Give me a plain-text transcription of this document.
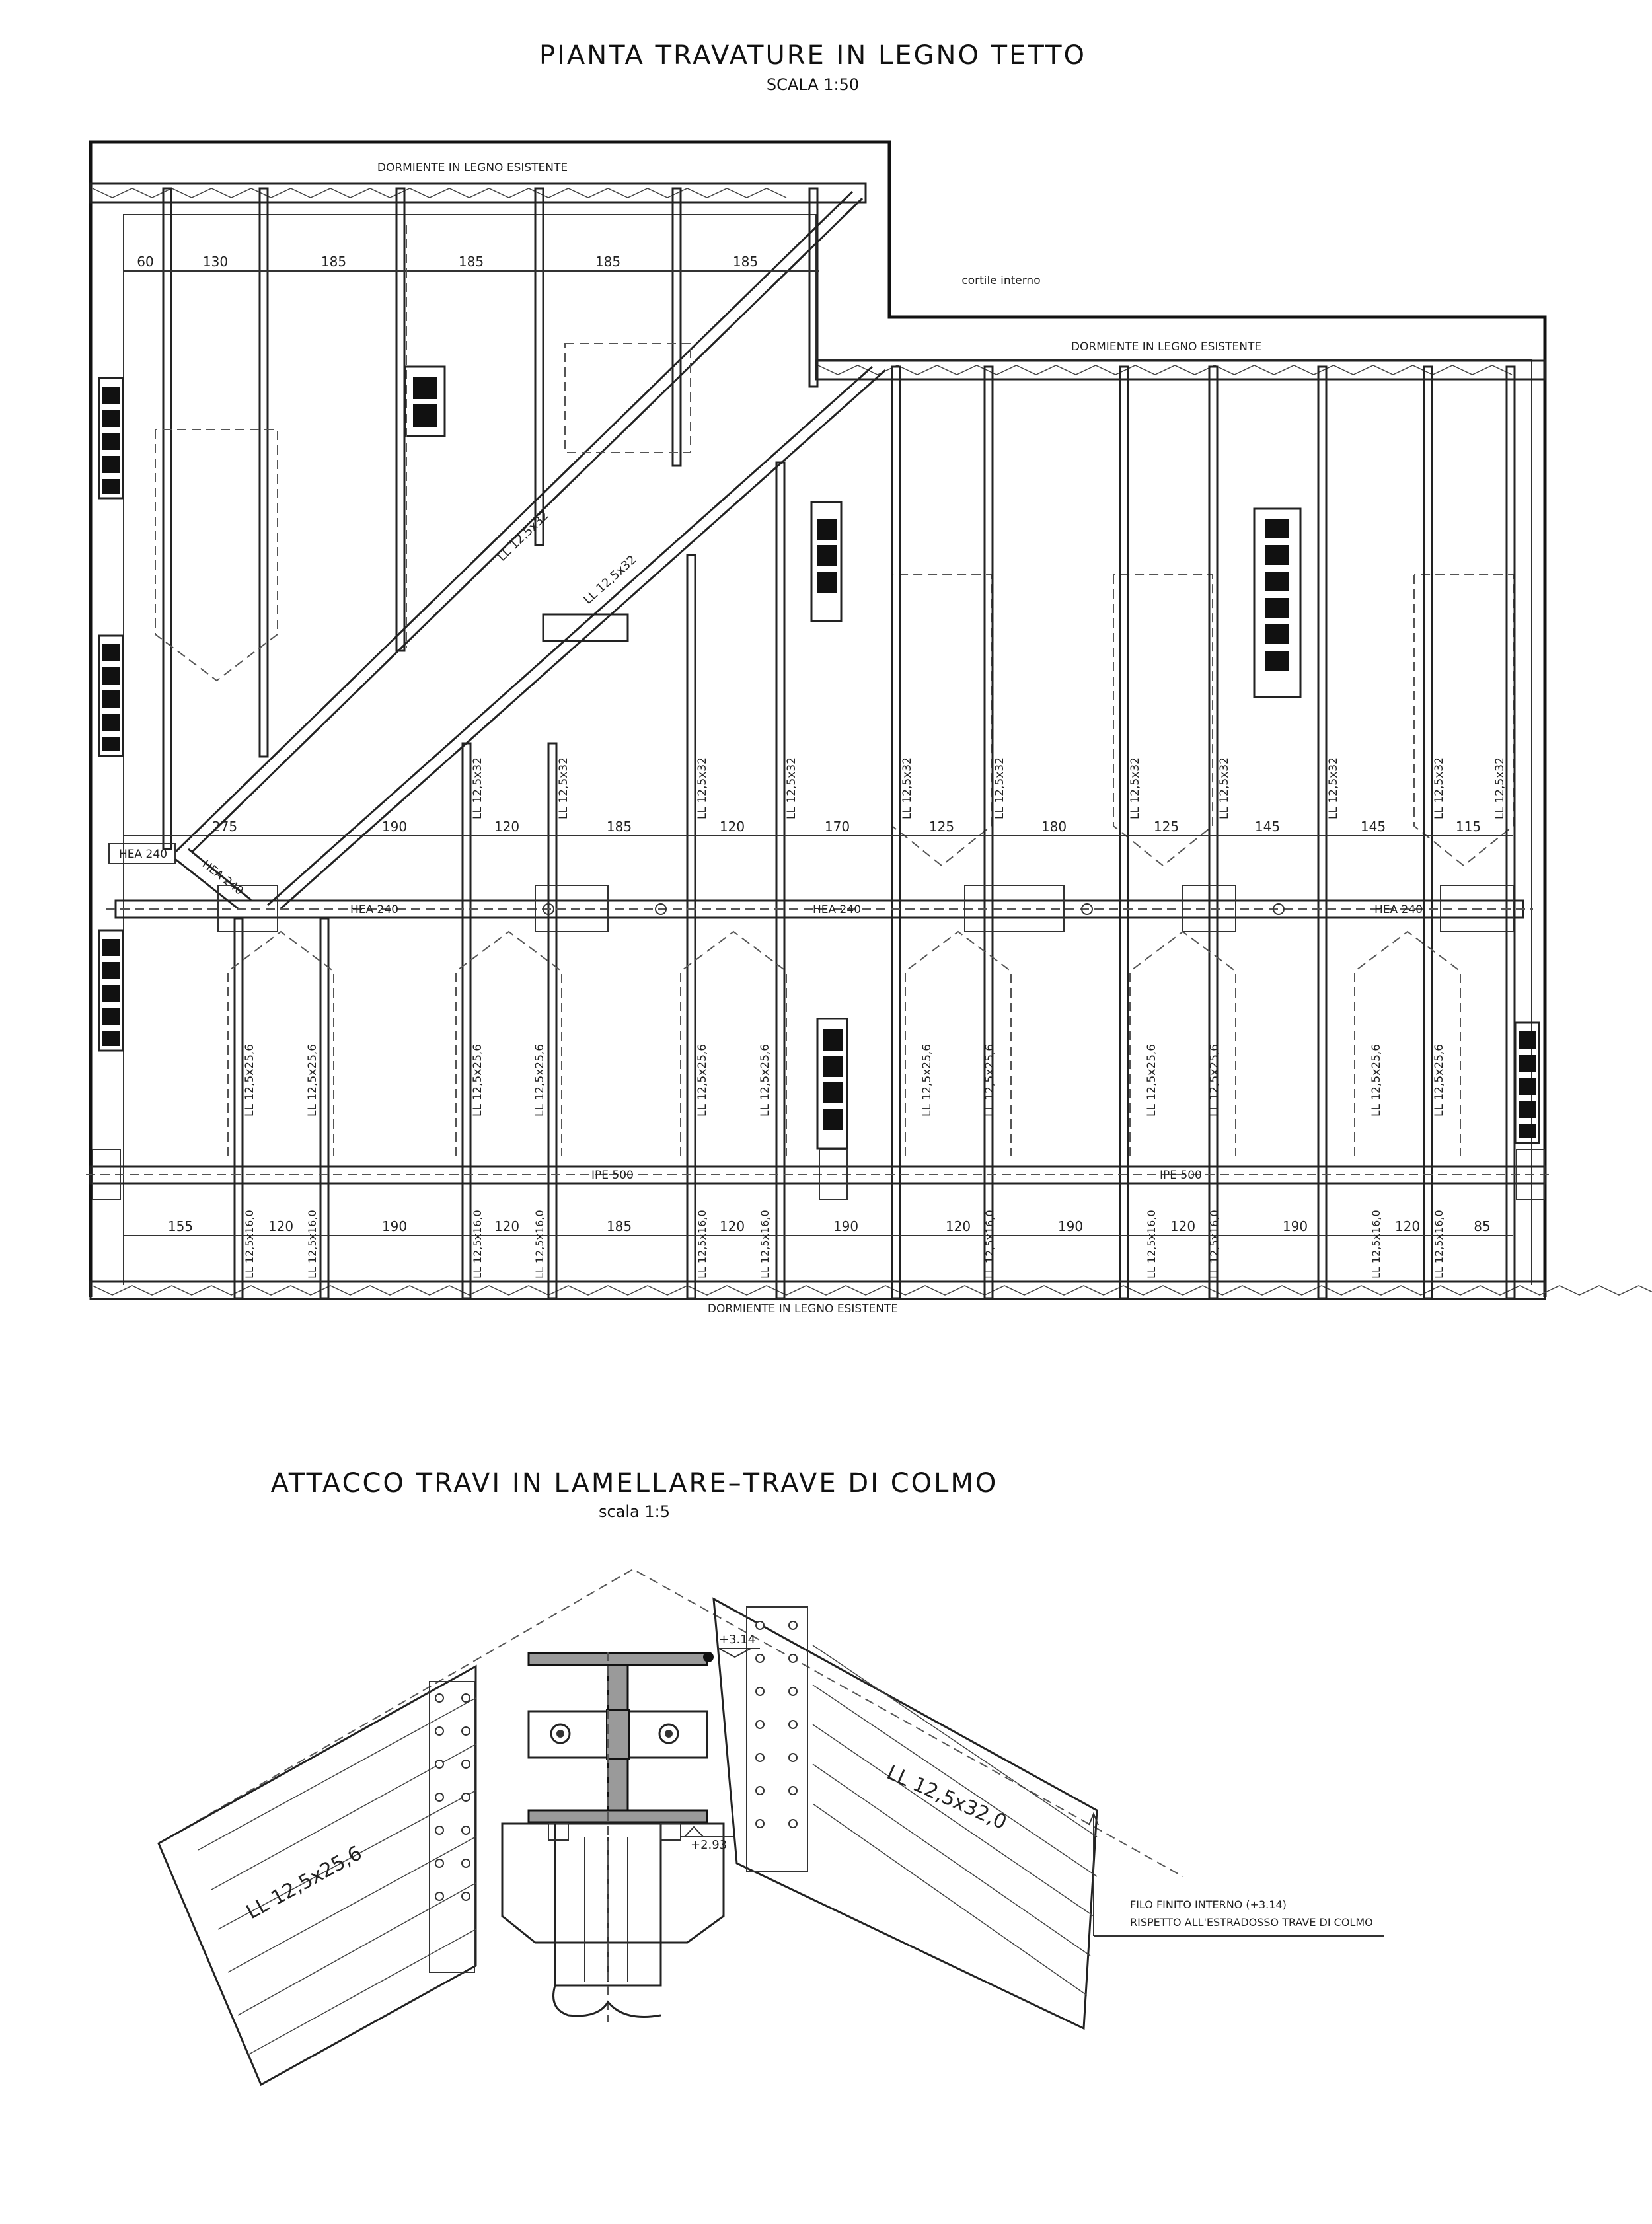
PIANTA TRAVATURE IN LEGNO TETTO
SCALA 1:50
DORMIENTE IN LEGNO ESISTENTE
DORMIENTE IN LEGNO ESISTENTE
DORMIENTE IN LEGNO ESISTENTE
cortile interno
LL 12,5x32
LL 12,5x32
60	130	185	185	185	185
LL 12,5x32	LL 12,5x32	LL 12,5x32	LL 12,5x32	LL 12,5x32	LL 12,5x32	LL 12,5x32	LL 12,5x32	LL 12,5x32	LL 12,5x32	LL 12,5x32
275	190	120	185	120	170	125	180	125	145	145	115
HEA 240
HEA 240
HEA 240	HEA 240	HEA 240
LL 12,5x25,6	LL 12,5x25,6	LL 12,5x25,6	LL 12,5x25,6	LL 12,5x25,6	LL 12,5x25,6	LL 12,5x25,6	LL 12,5x25,6	LL 12,5x25,6	LL 12,5x25,6	LL 12,5x25,6	LL 12,5x25,6
IPE 500	IPE 500
155	120	190	120	185	120	190	120	190	120	190	120	85
LL 12,5x16,0	LL 12,5x16,0	LL 12,5x16,0	LL 12,5x16,0	LL 12,5x16,0	LL 12,5x16,0	LL 12,5x16,0	LL 12,5x16,0	LL 12,5x16,0	LL 12,5x16,0	LL 12,5x16,0
ATTACCO TRAVI IN LAMELLARE–TRAVE DI COLMO
scala 1:5
LL 12,5x25,6
LL 12,5x32,0
+3.14
+2.93
FILO FINITO INTERNO (+3.14)
RISPETTO ALL'ESTRADOSSO TRAVE DI COLMO
